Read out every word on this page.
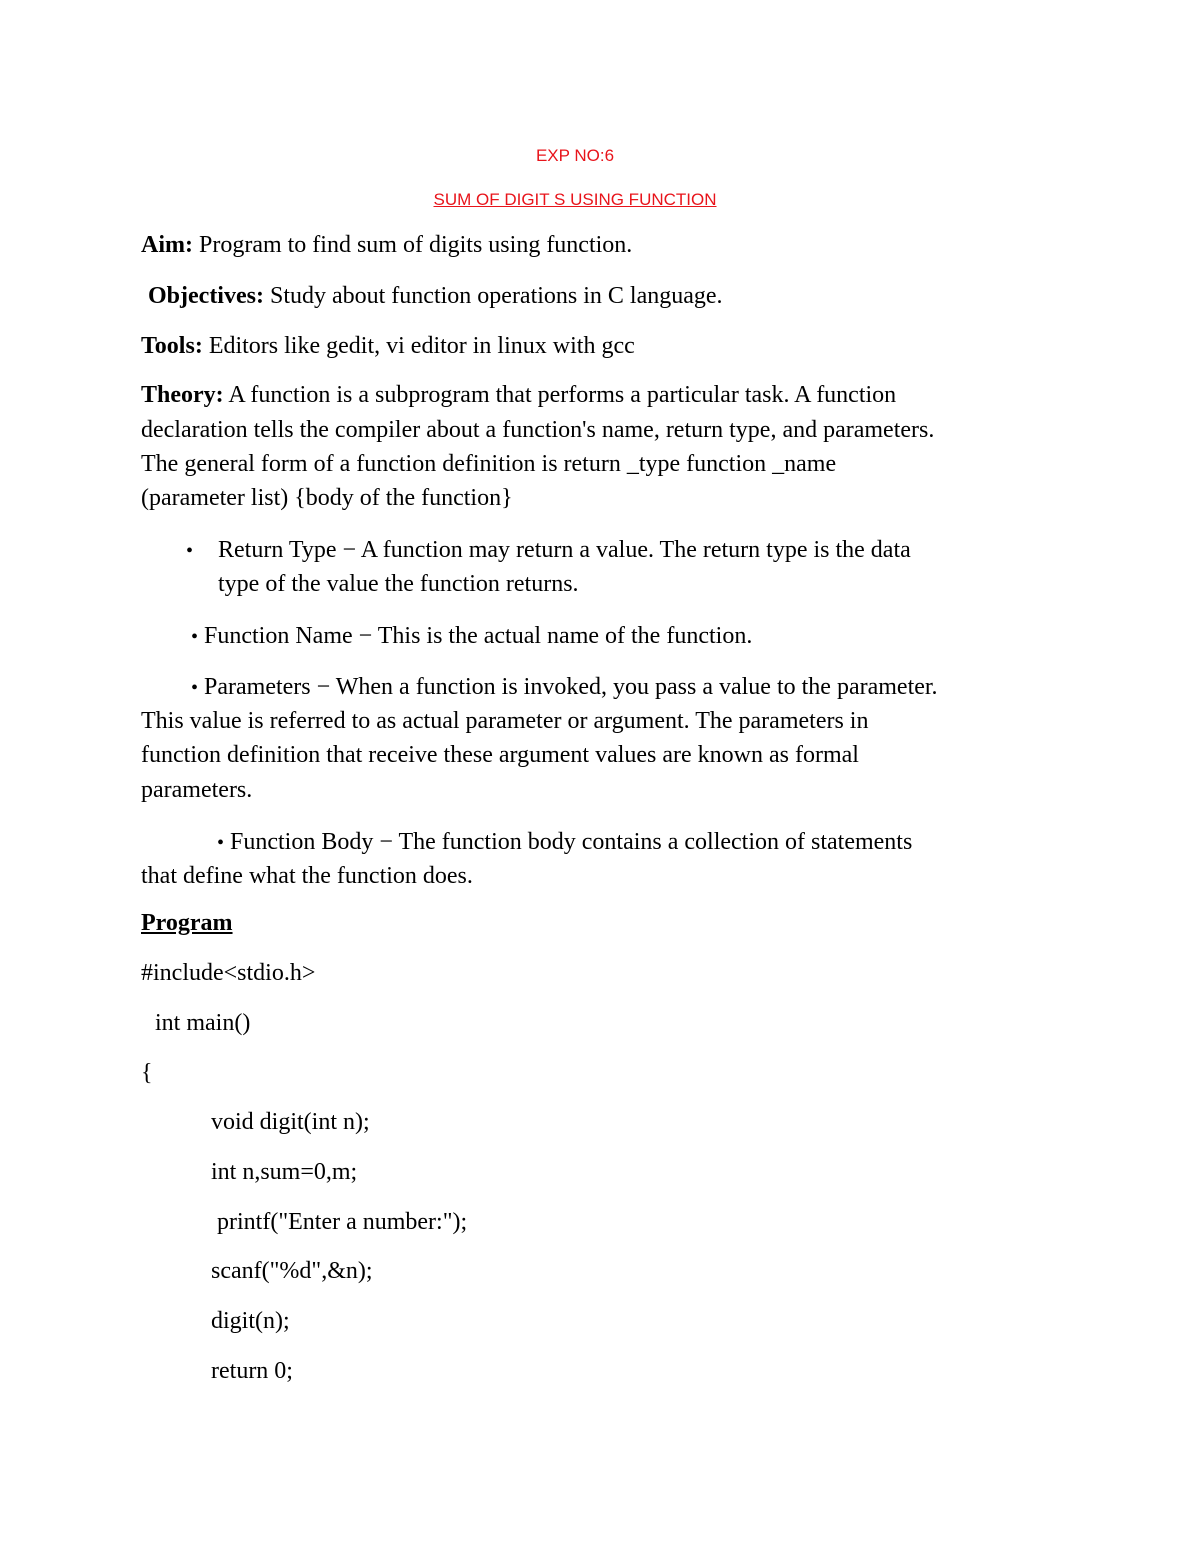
EXP NO:6
SUM OF DIGIT S USING FUNCTION
Aim: Program to find sum of digits using function.
Objectives: Study about function operations in C language.
Tools: Editors like gedit, vi editor in linux with gcc
Theory: A function is a subprogram that performs a particular task. A function
declaration tells the compiler about a function's name, return type, and parameters.
The general form of a function definition is return _type function _name
(parameter list) {body of the function}
• Return Type − A function may return a value. The return type is the data
type of the value the function returns.
• Function Name − This is the actual name of the function.
• Parameters − When a function is invoked, you pass a value to the parameter.
This value is referred to as actual parameter or argument. The parameters in
function definition that receive these argument values are known as formal
parameters.
• Function Body − The function body contains a collection of statements
that define what the function does.
Program
#include<stdio.h>
int main()
{
void digit(int n);
int n,sum=0,m;
printf("Enter a number:");
scanf("%d",&n);
digit(n);
return 0;
